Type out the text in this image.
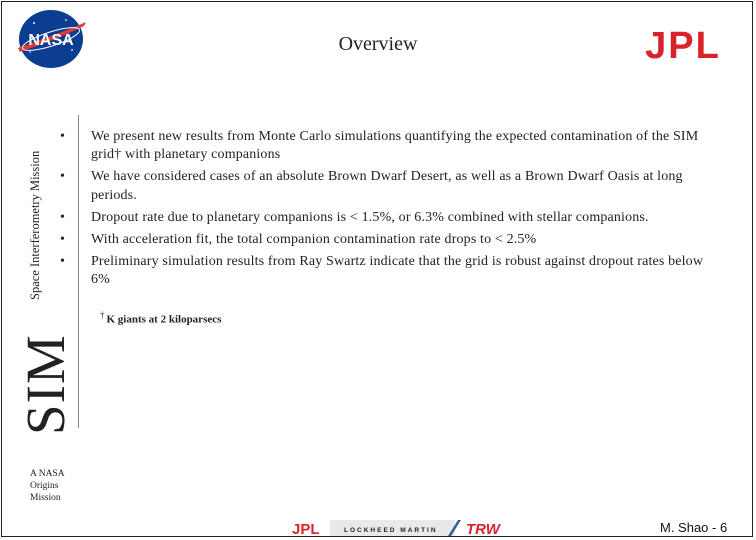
NASA	Overview	JPL
Space Interferometry Mission
SIM
A NASA
Origins
Mission
•	We present new results from Monte Carlo simulations quantifying the expected contamination of the SIM grid† with planetary companions
•	We have considered cases of an absolute Brown Dwarf Desert, as well as a Brown Dwarf Oasis at long periods.
•	Dropout rate due to planetary companions is < 1.5%, or 6.3% combined with stellar companions.
•	With acceleration fit, the total companion contamination rate drops to < 2.5%
•	Preliminary simulation results from Ray Swartz indicate that the grid is robust against dropout rates below 6%
† K giants at 2 kiloparsecs
JPL	LOCKHEED MARTIN TRW	M. Shao - 6
